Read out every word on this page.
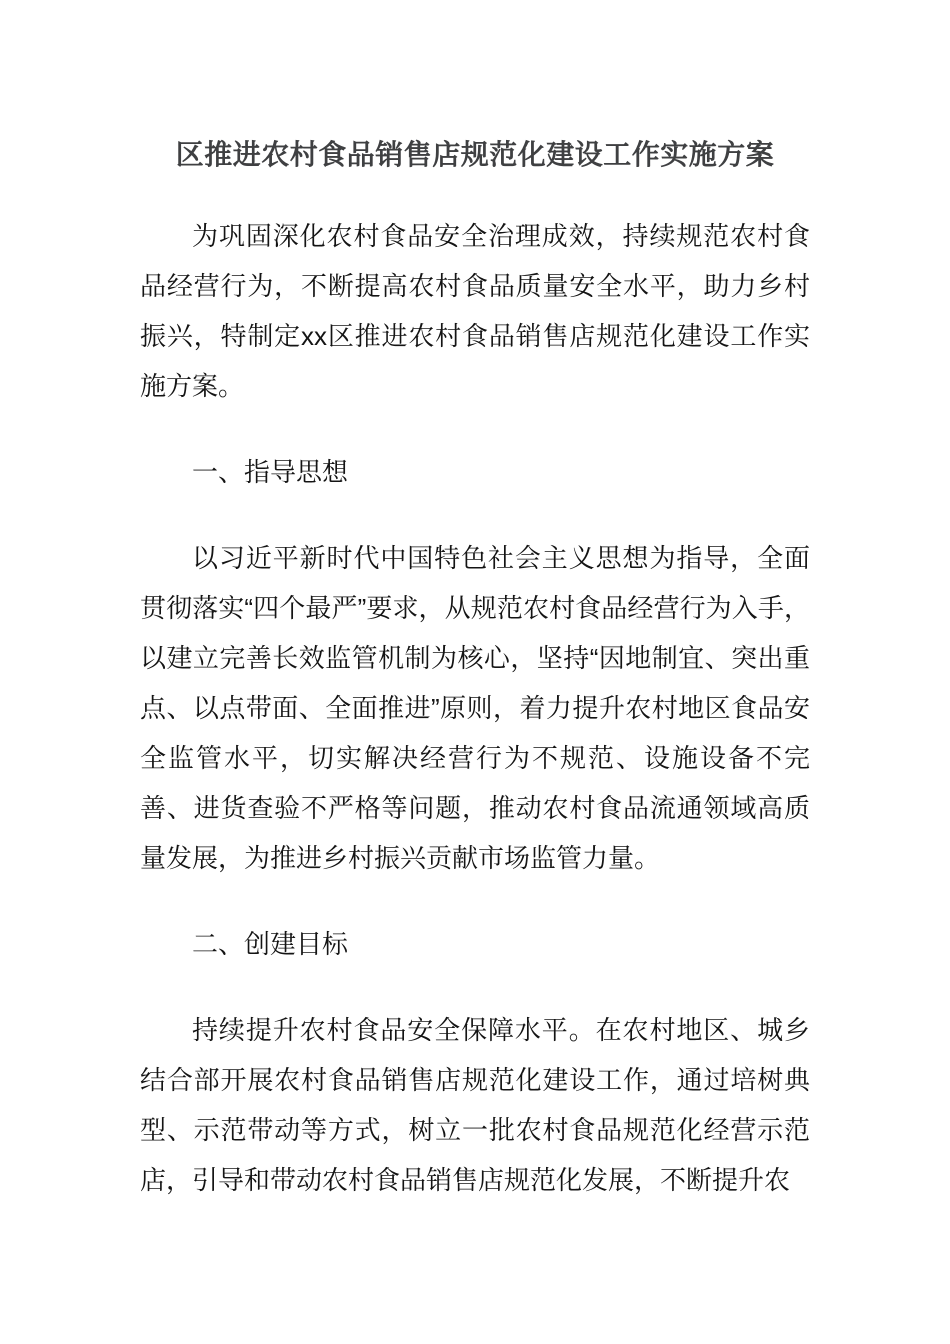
区推进农村食品销售店规范化建设工作实施方案

为巩固深化农村食品安全治理成效，持续规范农村食品经营行为，不断提高农村食品质量安全水平，助力乡村振兴，特制定xx区推进农村食品销售店规范化建设工作实施方案。

一、指导思想

以习近平新时代中国特色社会主义思想为指导，全面贯彻落实“四个最严”要求，从规范农村食品经营行为入手，以建立完善长效监管机制为核心，坚持“因地制宜、突出重点、以点带面、全面推进”原则，着力提升农村地区食品安全监管水平，切实解决经营行为不规范、设施设备不完善、进货查验不严格等问题，推动农村食品流通领域高质量发展，为推进乡村振兴贡献市场监管力量。

二、创建目标

持续提升农村食品安全保障水平。在农村地区、城乡结合部开展农村食品销售店规范化建设工作，通过培树典型、示范带动等方式，树立一批农村食品规范化经营示范店，引导和带动农村食品销售店规范化发展，不断提升农
